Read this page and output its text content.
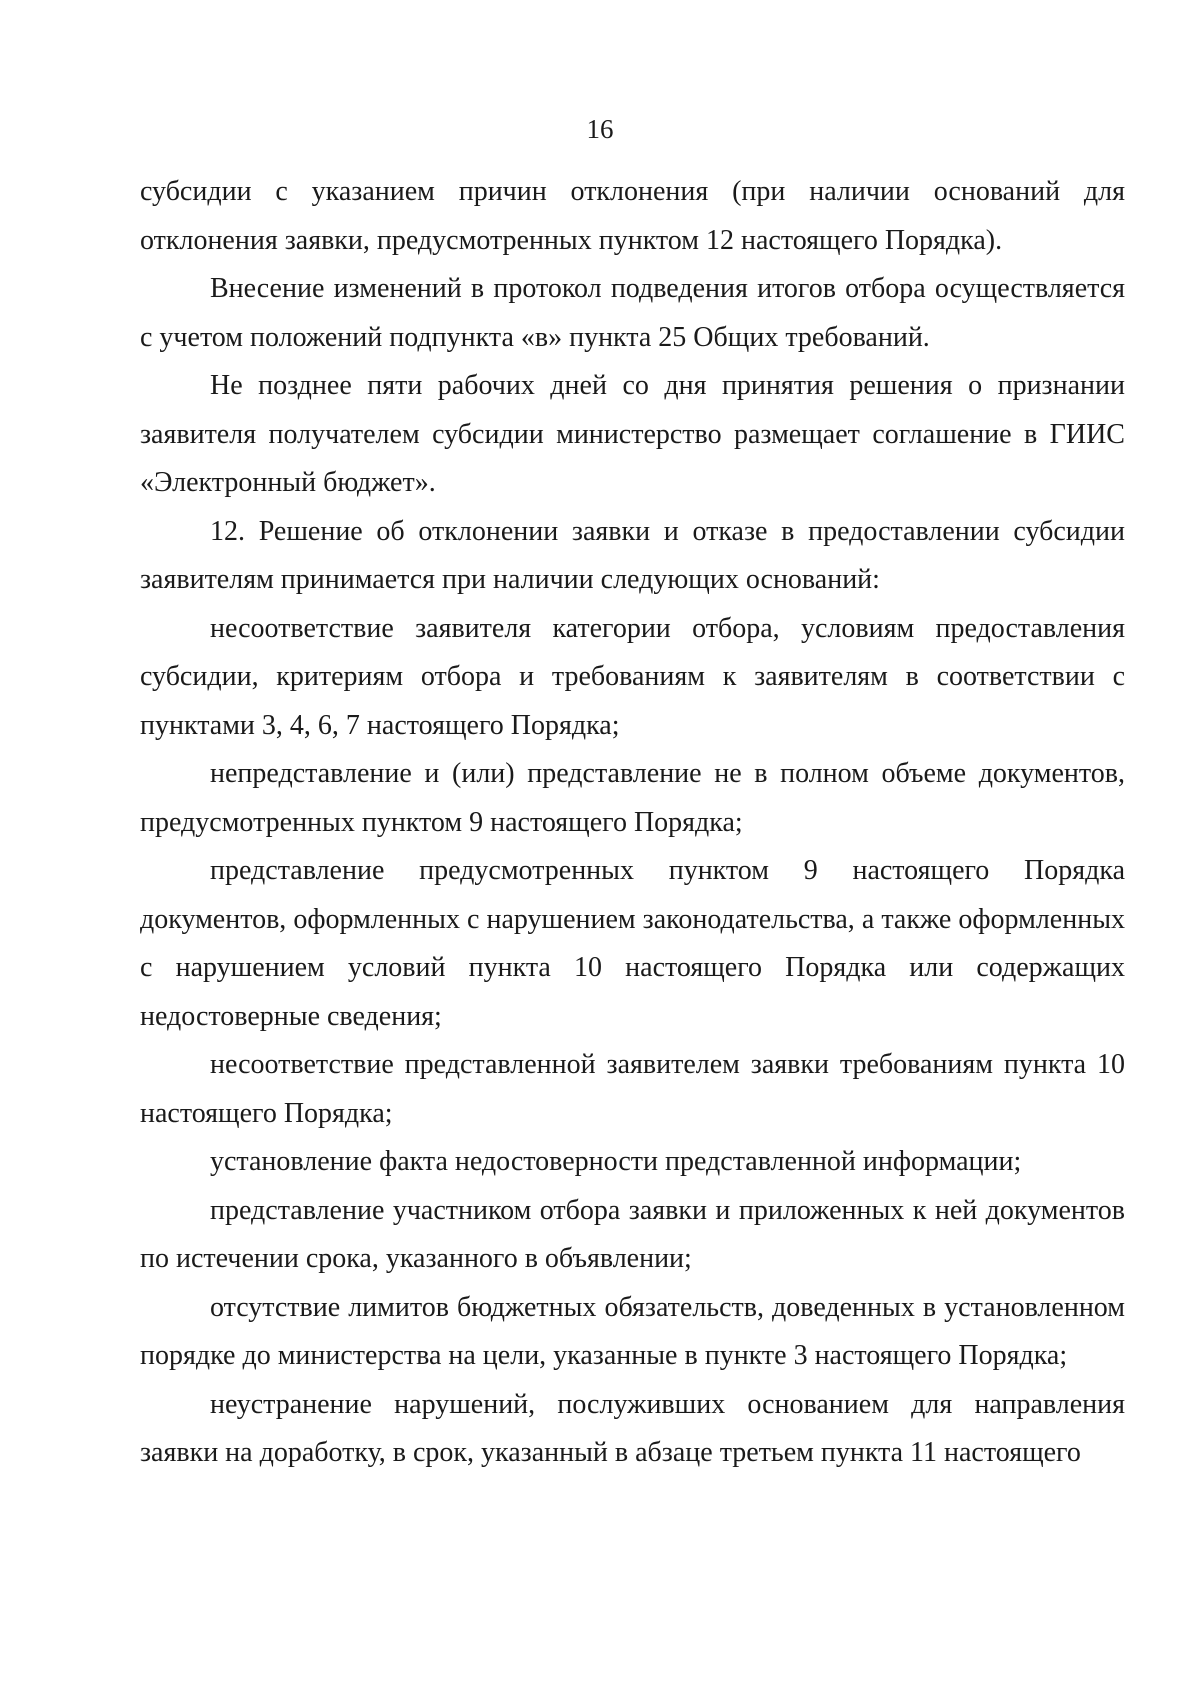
16

субсидии с указанием причин отклонения (при наличии оснований для отклонения заявки, предусмотренных пунктом 12 настоящего Порядка).

Внесение изменений в протокол подведения итогов отбора осуществляется с учетом положений подпункта «в» пункта 25 Общих требований.

Не позднее пяти рабочих дней со дня принятия решения о признании заявителя получателем субсидии министерство размещает соглашение в ГИИС «Электронный бюджет».

12. Решение об отклонении заявки и отказе в предоставлении субсидии заявителям принимается при наличии следующих оснований:

несоответствие заявителя категории отбора, условиям предоставления субсидии, критериям отбора и требованиям к заявителям в соответствии с пунктами 3, 4, 6, 7 настоящего Порядка;

непредставление и (или) представление не в полном объеме документов, предусмотренных пунктом 9 настоящего Порядка;

представление предусмотренных пунктом 9 настоящего Порядка документов, оформленных с нарушением законодательства, а также оформленных с нарушением условий пункта 10 настоящего Порядка или содержащих недостоверные сведения;

несоответствие представленной заявителем заявки требованиям пункта 10 настоящего Порядка;

установление факта недостоверности представленной информации;

представление участником отбора заявки и приложенных к ней документов по истечении срока, указанного в объявлении;

отсутствие лимитов бюджетных обязательств, доведенных в установленном порядке до министерства на цели, указанные в пункте 3 настоящего Порядка;

неустранение нарушений, послуживших основанием для направления заявки на доработку, в срок, указанный в абзаце третьем пункта 11 настоящего
